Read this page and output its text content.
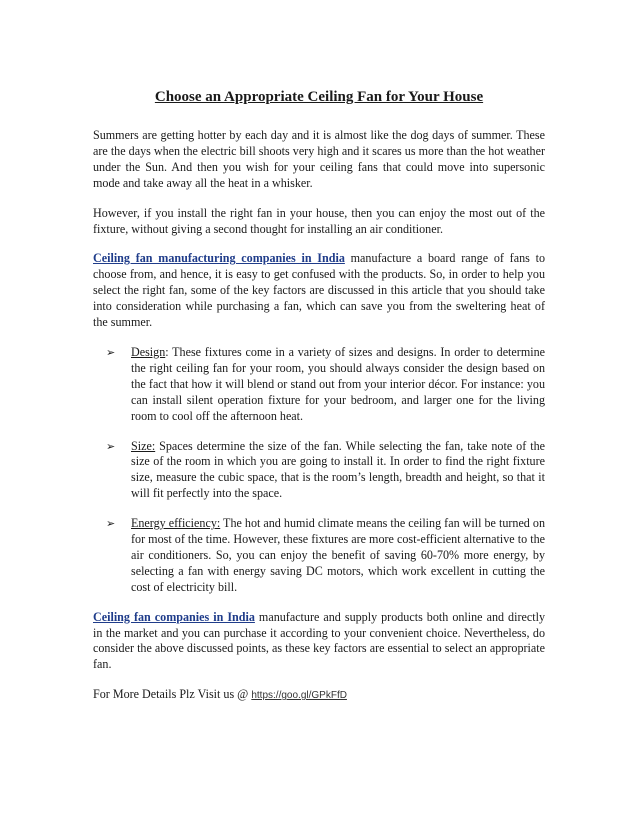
Choose an Appropriate Ceiling Fan for Your House

Summers are getting hotter by each day and it is almost like the dog days of summer. These are the days when the electric bill shoots very high and it scares us more than the hot weather under the Sun. And then you wish for your ceiling fans that could move into supersonic mode and take away all the heat in a whisker.

However, if you install the right fan in your house, then you can enjoy the most out of the fixture, without giving a second thought for installing an air conditioner.

Ceiling fan manufacturing companies in India manufacture a board range of fans to choose from, and hence, it is easy to get confused with the products. So, in order to help you select the right fan, some of the key factors are discussed in this article that you should take into consideration while purchasing a fan, which can save you from the sweltering heat of the summer.

➢ Design: These fixtures come in a variety of sizes and designs. In order to determine the right ceiling fan for your room, you should always consider the design based on the fact that how it will blend or stand out from your interior décor. For instance: you can install silent operation fixture for your bedroom, and larger one for the living room to cool off the afternoon heat.
➢ Size: Spaces determine the size of the fan. While selecting the fan, take note of the size of the room in which you are going to install it. In order to find the right fixture size, measure the cubic space, that is the room’s length, breadth and height, so that it will fit perfectly into the space.
➢ Energy efficiency: The hot and humid climate means the ceiling fan will be turned on for most of the time. However, these fixtures are more cost-efficient alternative to the air conditioners. So, you can enjoy the benefit of saving 60-70% more energy, by selecting a fan with energy saving DC motors, which work excellent in cutting the cost of electricity bill.

Ceiling fan companies in India manufacture and supply products both online and directly in the market and you can purchase it according to your convenient choice. Nevertheless, do consider the above discussed points, as these key factors are essential to select an appropriate fan.

For More Details Plz Visit us @ https://goo.gl/GPkFfD
